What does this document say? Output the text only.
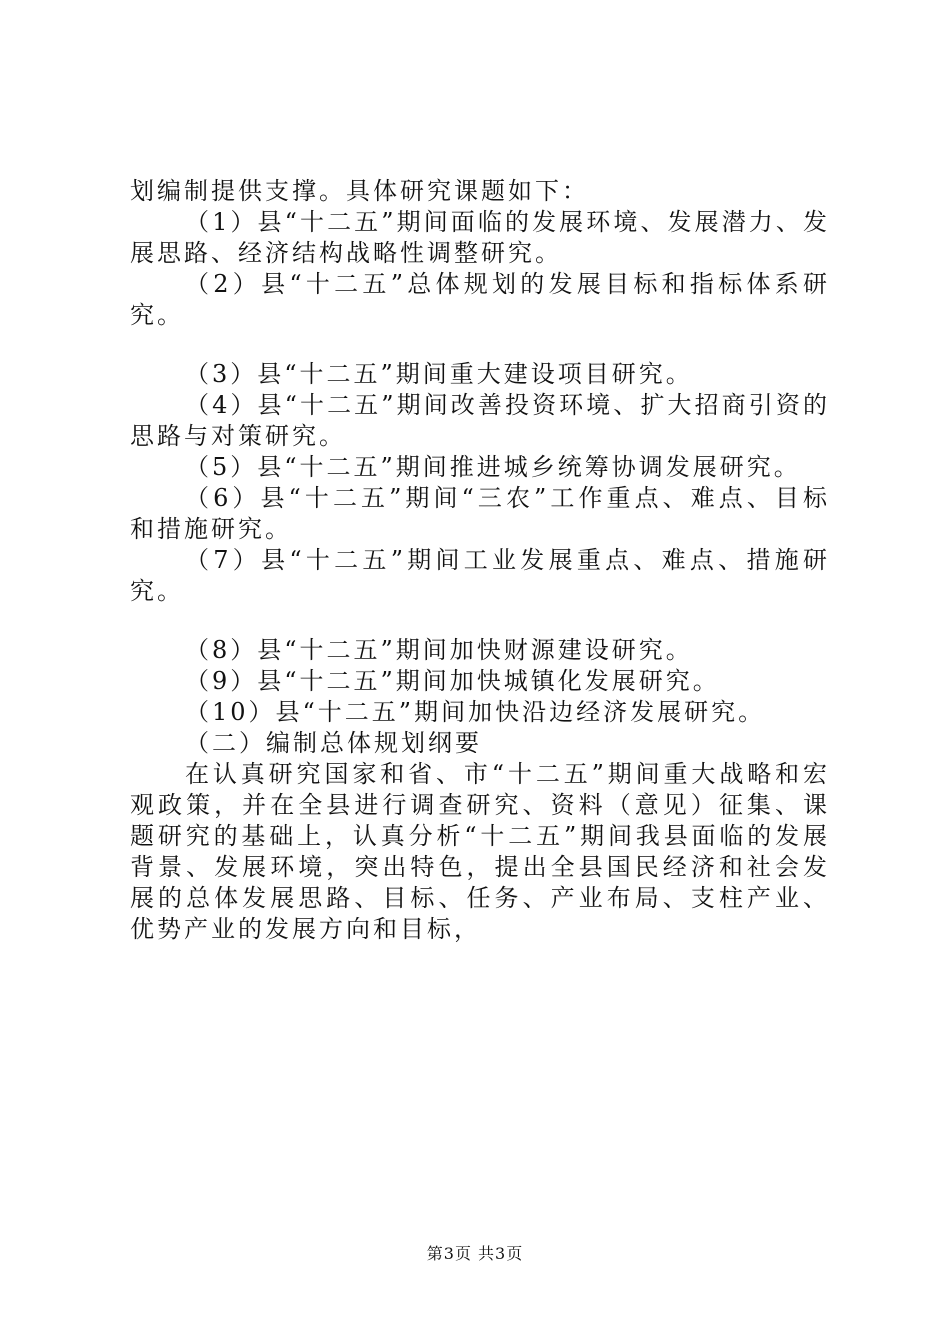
划编制提供支撑。具体研究课题如下：

（1）县“十二五”期间面临的发展环境、发展潜力、发展思路、经济结构战略性调整研究。

（2）县“十二五”总体规划的发展目标和指标体系研究。

（3）县“十二五”期间重大建设项目研究。

（4）县“十二五”期间改善投资环境、扩大招商引资的思路与对策研究。

（5）县“十二五”期间推进城乡统筹协调发展研究。

（6）县“十二五”期间“三农”工作重点、难点、目标和措施研究。

（7）县“十二五”期间工业发展重点、难点、措施研究。

（8）县“十二五”期间加快财源建设研究。

（9）县“十二五”期间加快城镇化发展研究。

（10）县“十二五”期间加快沿边经济发展研究。

（二）编制总体规划纲要

在认真研究国家和省、市“十二五”期间重大战略和宏观政策，并在全县进行调查研究、资料（意见）征集、课题研究的基础上，认真分析“十二五”期间我县面临的发展背景、发展环境，突出特色，提出全县国民经济和社会发展的总体发展思路、目标、任务、产业布局、支柱产业、优势产业的发展方向和目标，

第3页 共3页
